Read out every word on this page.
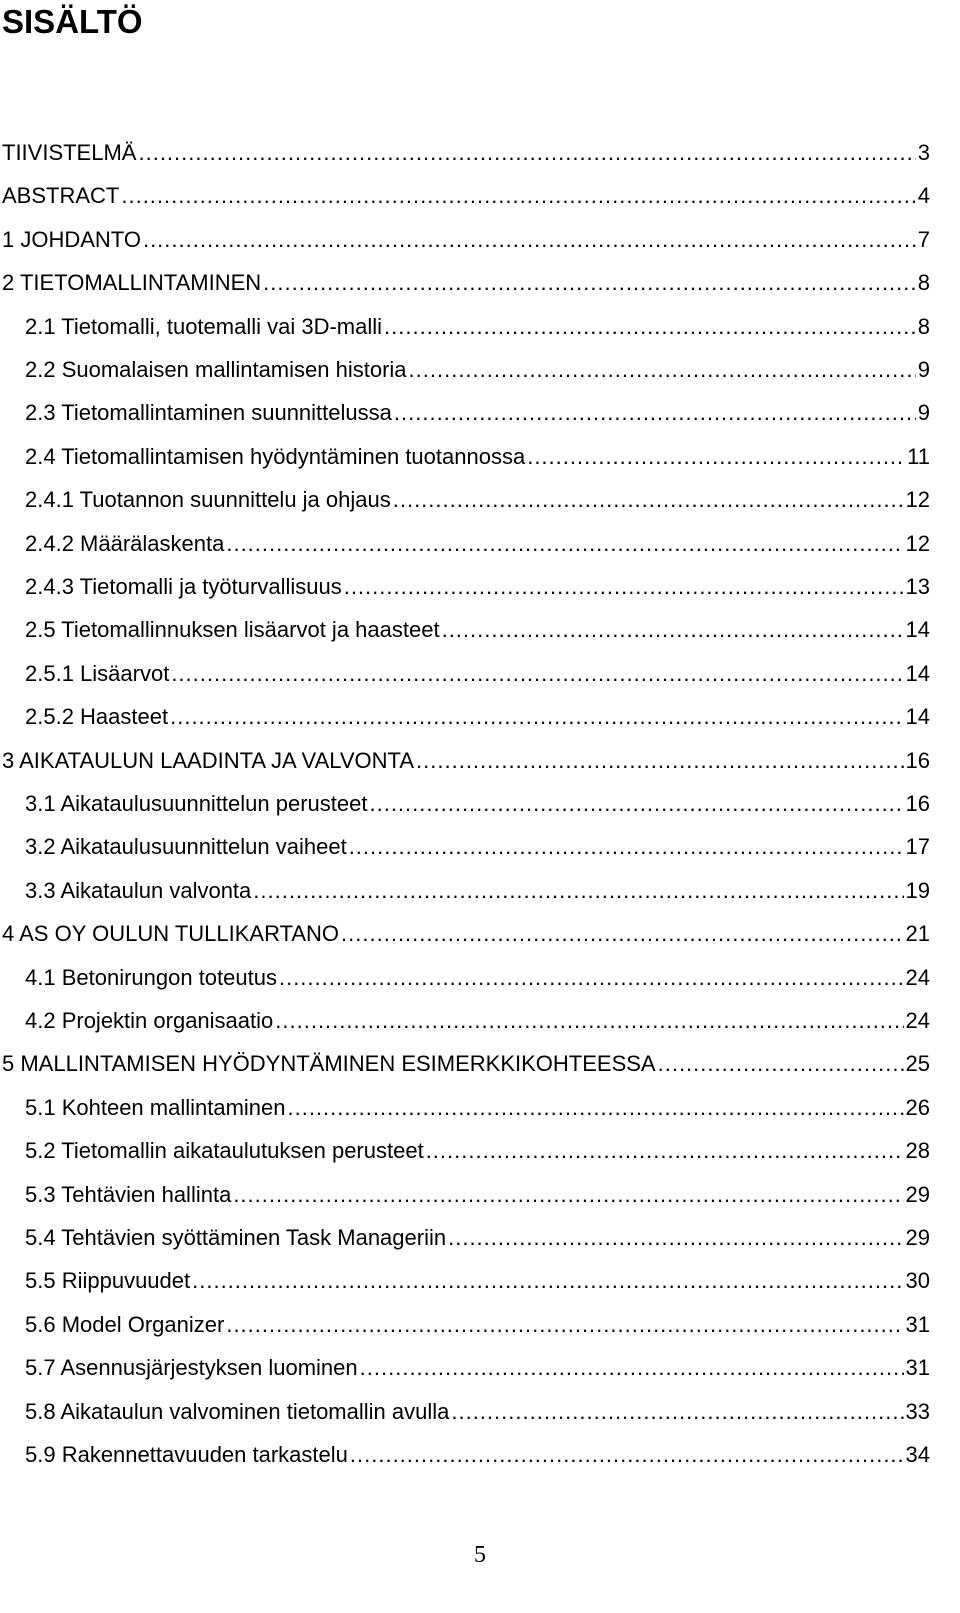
SISÄLTÖ
TIIVISTELMÄ .....	3
ABSTRACT .....	4
1 JOHDANTO .....	7
2 TIETOMALLINTAMINEN .....	8
2.1 Tietomalli, tuotemalli vai 3D-malli .....	8
2.2 Suomalaisen mallintamisen historia .....	9
2.3 Tietomallintaminen suunnittelussa .....	9
2.4 Tietomallintamisen hyödyntäminen tuotannossa .....	11
2.4.1 Tuotannon suunnittelu ja ohjaus .....	12
2.4.2 Määrälaskenta .....	12
2.4.3 Tietomalli ja työturvallisuus .....	13
2.5 Tietomallinnuksen lisäarvot ja haasteet .....	14
2.5.1 Lisäarvot .....	14
2.5.2 Haasteet .....	14
3 AIKATAULUN LAADINTA JA VALVONTA .....	16
3.1 Aikataulusuunnittelun perusteet .....	16
3.2 Aikataulusuunnittelun vaiheet .....	17
3.3 Aikataulun valvonta .....	19
4 AS OY OULUN TULLIKARTANO .....	21
4.1 Betonirungon toteutus .....	24
4.2 Projektin organisaatio .....	24
5 MALLINTAMISEN HYÖDYNTÄMINEN ESIMERKKIKOHTEESSA .....	25
5.1 Kohteen mallintaminen .....	26
5.2 Tietomallin aikataulutuksen perusteet .....	28
5.3 Tehtävien hallinta .....	29
5.4 Tehtävien syöttäminen Task Manageriin .....	29
5.5 Riippuvuudet .....	30
5.6 Model Organizer .....	31
5.7 Asennusjärjestyksen luominen .....	31
5.8 Aikataulun valvominen tietomallin avulla .....	33
5.9 Rakennettavuuden tarkastelu .....	34
5
